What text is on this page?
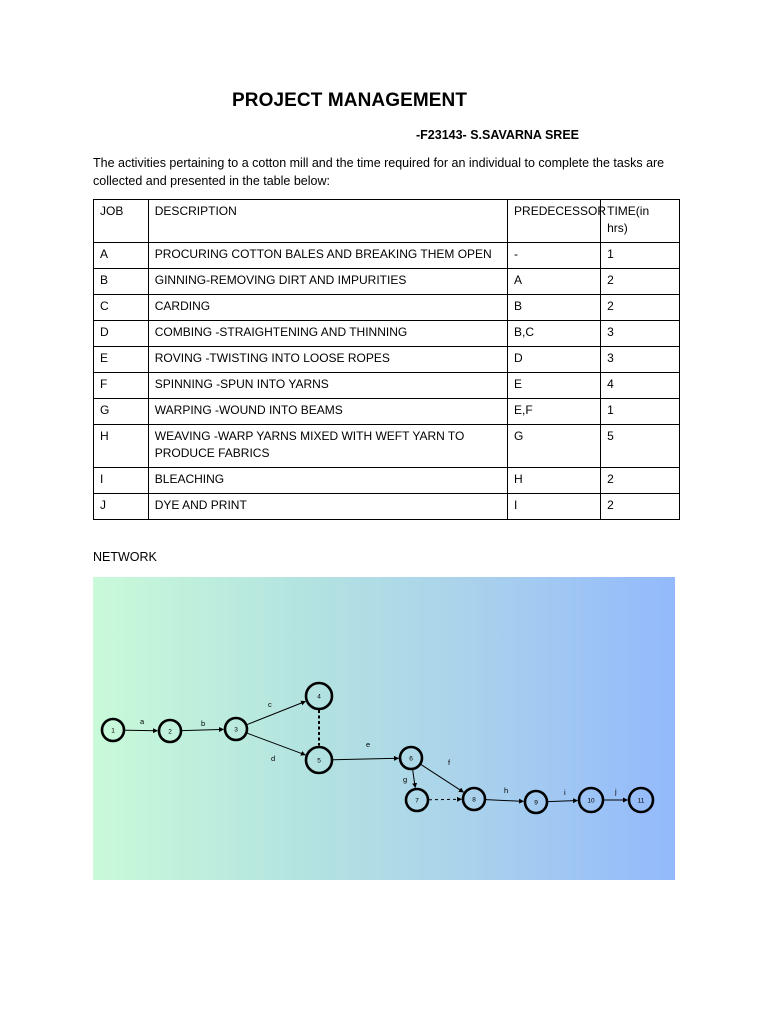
PROJECT MANAGEMENT
-F23143- S.SAVARNA SREE
The activities pertaining to a cotton mill and the time required for an individual to complete the tasks are collected and presented in the table below:
JOB	DESCRIPTION	PREDECESSOR	TIME(in hrs)
A	PROCURING COTTON BALES AND BREAKING THEM OPEN	-	1
B	GINNING-REMOVING DIRT AND IMPURITIES	A	2
C	CARDING	B	2
D	COMBING -STRAIGHTENING AND THINNING	B,C	3
E	ROVING -TWISTING INTO LOOSE ROPES	D	3
F	SPINNING -SPUN INTO YARNS	E	4
G	WARPING -WOUND INTO BEAMS	E,F	1
H	WEAVING -WARP YARNS MIXED WITH WEFT YARN TO PRODUCE FABRICS	G	5
I	BLEACHING	H	2
J	DYE AND PRINT	I	2
NETWORK
a	b
c
d
e
f
g
h	i	j
1	2	3
4
5	6
7	8	9	10	11
